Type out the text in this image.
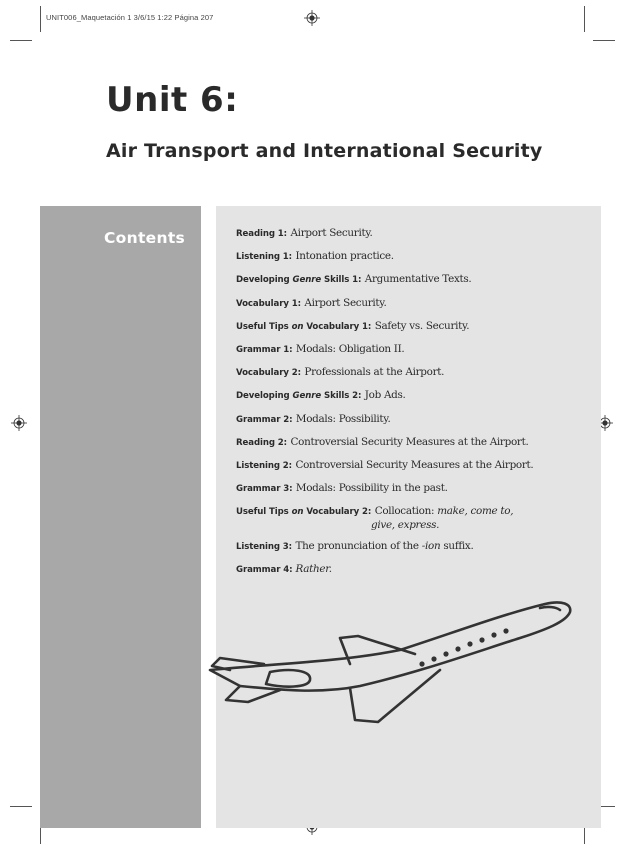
UNIT006_Maquetación 1 3/6/15 1:22 Página 207
Unit 6:
Air Transport and International Security
Contents	Reading 1: Airport Security.
Listening 1: Intonation practice.
Developing Genre Skills 1: Argumentative Texts.
Vocabulary 1: Airport Security.
Useful Tips on Vocabulary 1: Safety vs. Security.
Grammar 1: Modals: Obligation II.
Vocabulary 2: Professionals at the Airport.
Developing Genre Skills 2: Job Ads.
Grammar 2: Modals: Possibility.
Reading 2: Controversial Security Measures at the Airport.
Listening 2: Controversial Security Measures at the Airport.
Grammar 3: Modals: Possibility in the past.
Useful Tips on Vocabulary 2: Collocation: make, come to,
give, express.
Listening 3: The pronunciation of the -ion suffix.
Grammar 4: Rather.
